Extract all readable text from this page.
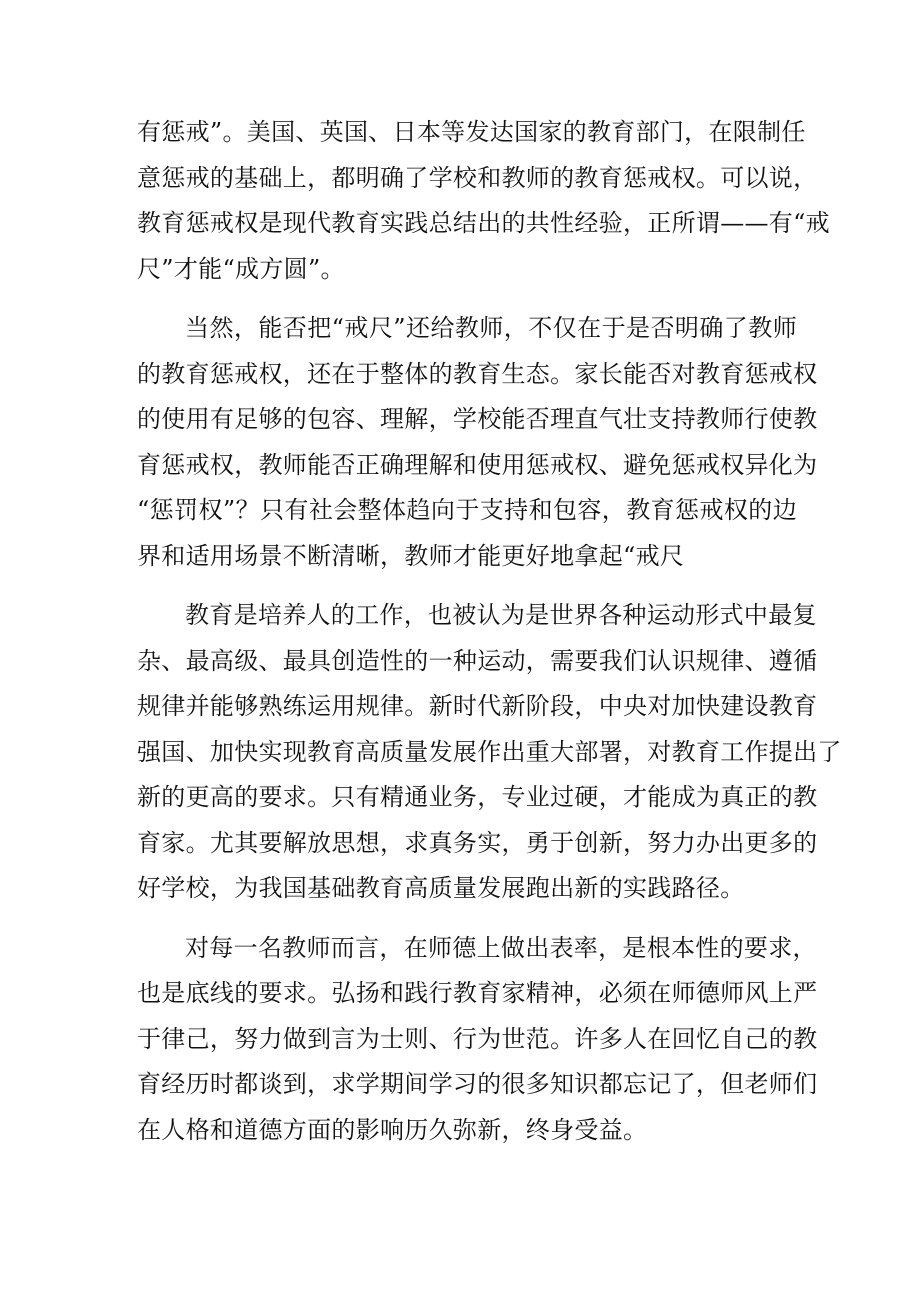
有惩戒”。美国、英国、日本等发达国家的教育部门，在限制任
意惩戒的基础上，都明确了学校和教师的教育惩戒权。可以说，
教育惩戒权是现代教育实践总结出的共性经验，正所谓——有“戒
尺”才能“成方圆”。
当然，能否把“戒尺”还给教师，不仅在于是否明确了教师
的教育惩戒权，还在于整体的教育生态。家长能否对教育惩戒权
的使用有足够的包容、理解，学校能否理直气壮支持教师行使教
育惩戒权，教师能否正确理解和使用惩戒权、避免惩戒权异化为
“惩罚权”？只有社会整体趋向于支持和包容，教育惩戒权的边
界和适用场景不断清晰，教师才能更好地拿起“戒尺
教育是培养人的工作，也被认为是世界各种运动形式中最复
杂、最高级、最具创造性的一种运动，需要我们认识规律、遵循
规律并能够熟练运用规律。新时代新阶段，中央对加快建设教育
强国、加快实现教育高质量发展作出重大部署，对教育工作提出了
新的更高的要求。只有精通业务，专业过硬，才能成为真正的教
育家。尤其要解放思想，求真务实，勇于创新，努力办出更多的
好学校，为我国基础教育高质量发展跑出新的实践路径。
对每一名教师而言，在师德上做出表率，是根本性的要求，
也是底线的要求。弘扬和践行教育家精神，必须在师德师风上严
于律己，努力做到言为士则、行为世范。许多人在回忆自己的教
育经历时都谈到，求学期间学习的很多知识都忘记了，但老师们
在人格和道德方面的影响历久弥新，终身受益。
